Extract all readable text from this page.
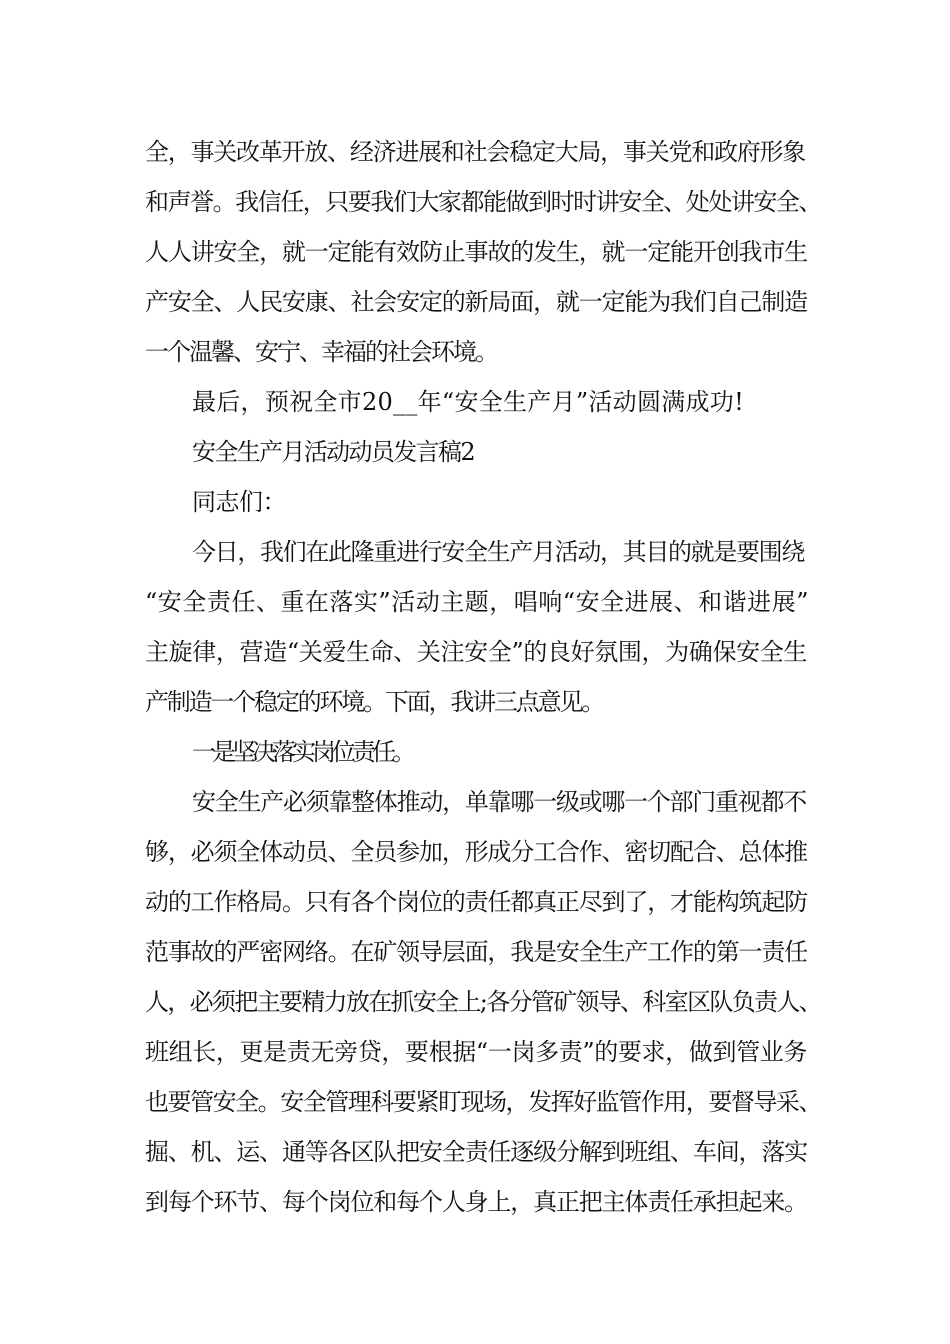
全，事关改革开放、经济进展和社会稳定大局，事关党和政府形象
和声誉。我信任，只要我们大家都能做到时时讲安全、处处讲安全、
人人讲安全，就一定能有效防止事故的发生，就一定能开创我市生
产安全、人民安康、社会安定的新局面，就一定能为我们自己制造
一个温馨、安宁、幸福的社会环境。
最后，预祝全市20__年“安全生产月”活动圆满成功!
安全生产月活动动员发言稿2
同志们：
今日，我们在此隆重进行安全生产月活动，其目的就是要围绕
“安全责任、重在落实”活动主题，唱响“安全进展、和谐进展”
主旋律，营造“关爱生命、关注安全”的良好氛围，为确保安全生
产制造一个稳定的环境。下面，我讲三点意见。
一是坚决落实岗位责任。
安全生产必须靠整体推动，单靠哪一级或哪一个部门重视都不
够，必须全体动员、全员参加，形成分工合作、密切配合、总体推
动的工作格局。只有各个岗位的责任都真正尽到了，才能构筑起防
范事故的严密网络。在矿领导层面，我是安全生产工作的第一责任
人，必须把主要精力放在抓安全上;各分管矿领导、科室区队负责人、
班组长，更是责无旁贷，要根据“一岗多责”的要求，做到管业务
也要管安全。安全管理科要紧盯现场，发挥好监管作用，要督导采、
掘、机、运、通等各区队把安全责任逐级分解到班组、车间，落实
到每个环节、每个岗位和每个人身上，真正把主体责任承担起来。
